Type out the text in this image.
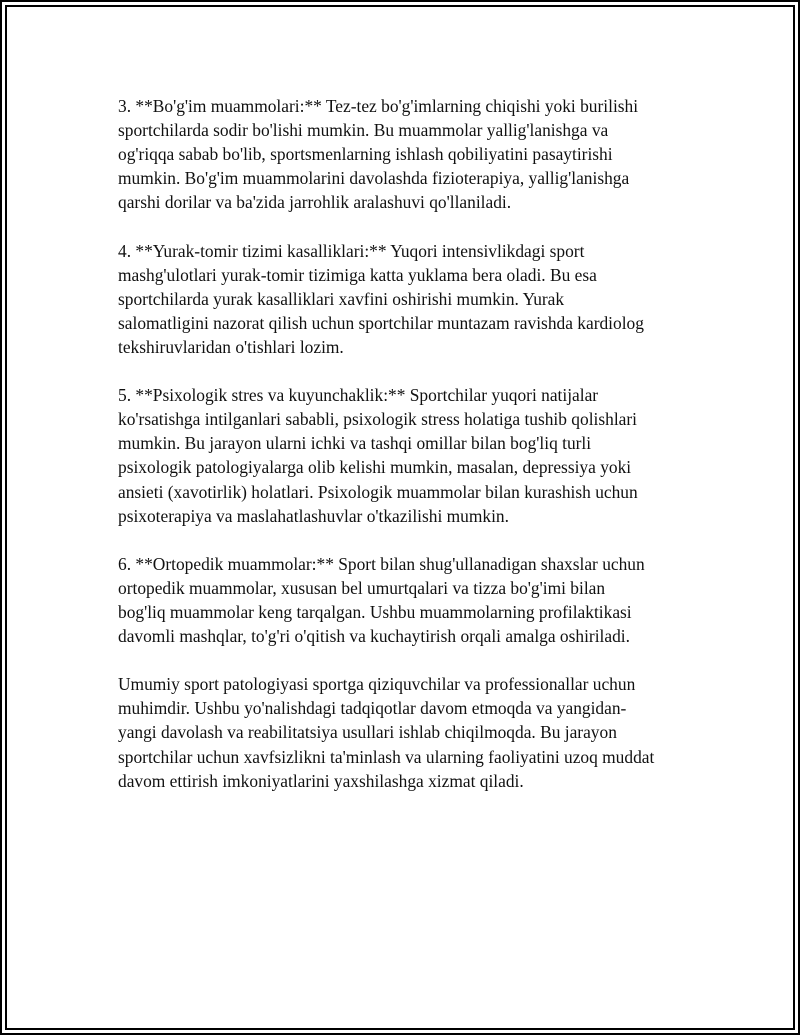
3. **Bo'g'im muammolari:** Tez-tez bo'g'imlarning chiqishi yoki burilishi
sportchilarda sodir bo'lishi mumkin. Bu muammolar yallig'lanishga va
og'riqqa sabab bo'lib, sportsmenlarning ishlash qobiliyatini pasaytirishi
mumkin. Bo'g'im muammolarini davolashda fizioterapiya, yallig'lanishga
qarshi dorilar va ba'zida jarrohlik aralashuvi qo'llaniladi.

4. **Yurak-tomir tizimi kasalliklari:** Yuqori intensivlikdagi sport
mashg'ulotlari yurak-tomir tizimiga katta yuklama bera oladi. Bu esa
sportchilarda yurak kasalliklari xavfini oshirishi mumkin. Yurak
salomatligini nazorat qilish uchun sportchilar muntazam ravishda kardiolog
tekshiruvlaridan o'tishlari lozim.

5. **Psixologik stres va kuyunchaklik:** Sportchilar yuqori natijalar
ko'rsatishga intilganlari sababli, psixologik stress holatiga tushib qolishlari
mumkin. Bu jarayon ularni ichki va tashqi omillar bilan bog'liq turli
psixologik patologiyalarga olib kelishi mumkin, masalan, depressiya yoki
ansieti (xavotirlik) holatlari. Psixologik muammolar bilan kurashish uchun
psixoterapiya va maslahatlashuvlar o'tkazilishi mumkin.

6. **Ortopedik muammolar:** Sport bilan shug'ullanadigan shaxslar uchun
ortopedik muammolar, xususan bel umurtqalari va tizza bo'g'imi bilan
bog'liq muammolar keng tarqalgan. Ushbu muammolarning profilaktikasi
davomli mashqlar, to'g'ri o'qitish va kuchaytirish orqali amalga oshiriladi.

Umumiy sport patologiyasi sportga qiziquvchilar va professionallar uchun
muhimdir. Ushbu yo'nalishdagi tadqiqotlar davom etmoqda va yangidan-
yangi davolash va reabilitatsiya usullari ishlab chiqilmoqda. Bu jarayon
sportchilar uchun xavfsizlikni ta'minlash va ularning faoliyatini uzoq muddat
davom ettirish imkoniyatlarini yaxshilashga xizmat qiladi.
